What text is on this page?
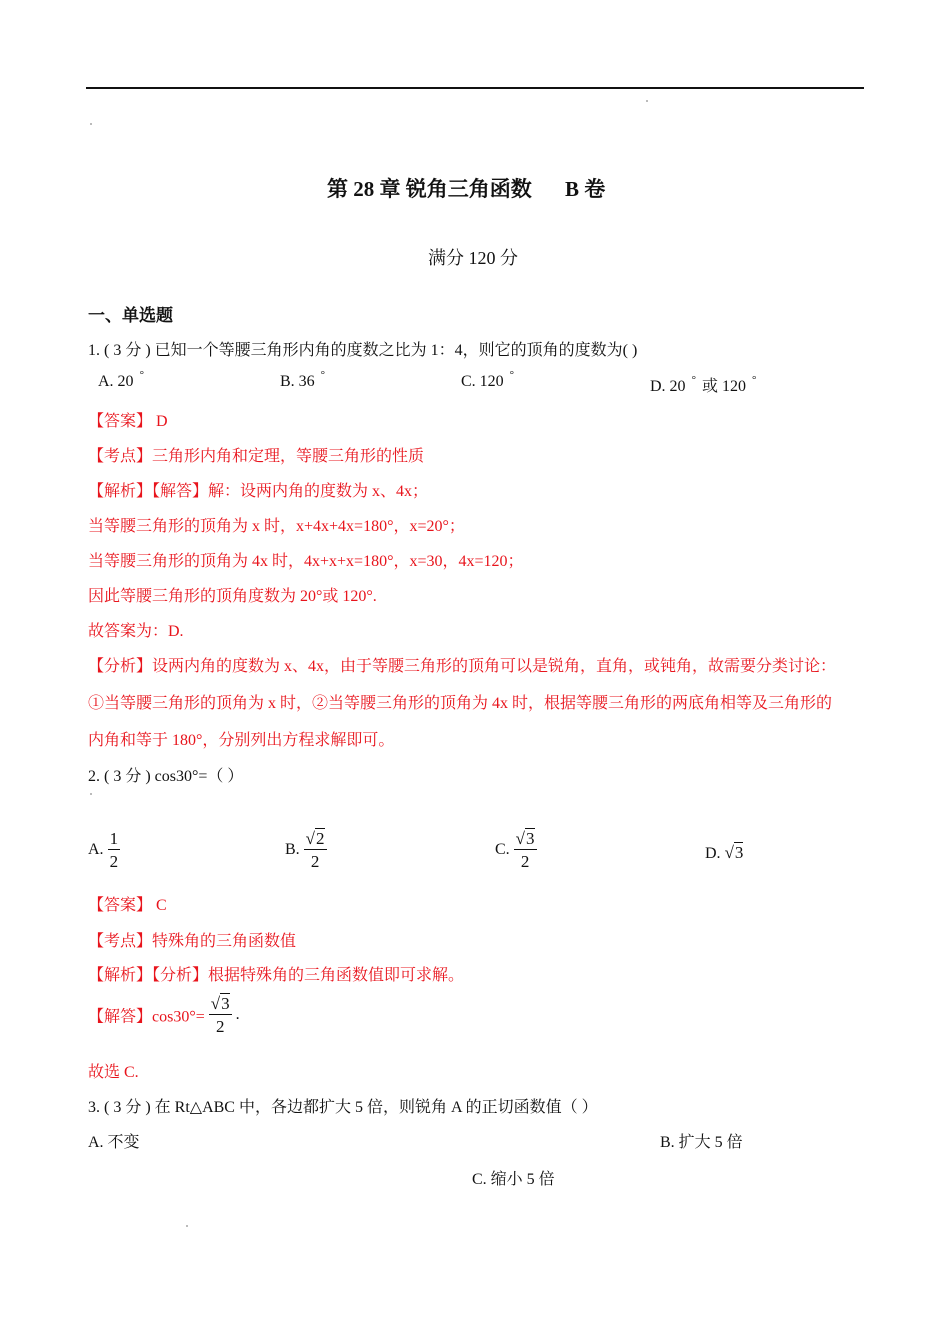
第 28 章 锐角三角函数 B 卷
满分 120 分
一、单选题
1. ( 3 分 ) 已知一个等腰三角形内角的度数之比为 1：4，则它的顶角的度数为( )
A. 20 °	B. 36 °	C. 120 °
D. 20 ° 或 120 °
【答案】 D
【考点】三角形内角和定理，等腰三角形的性质
【解析】【解答】解：设两内角的度数为 x、4x；
当等腰三角形的顶角为 x 时，x+4x+4x=180°，x=20°；
当等腰三角形的顶角为 4x 时，4x+x+x=180°，x=30，4x=120；
因此等腰三角形的顶角度数为 20°或 120°.
故答案为：D.
【分析】设两内角的度数为 x、4x，由于等腰三角形的顶角可以是锐角，直角，或钝角，故需要分类讨论：
①当等腰三角形的顶角为 x 时，②当等腰三角形的顶角为 4x 时，根据等腰三角形的两底角相等及三角形的
内角和等于 180°，分别列出方程求解即可。
2. ( 3 分 ) cos30°=（ ）
A. $\frac{1}{2}$	B. $\frac{√2}{2}$	C. $\frac{√3}{2}$	D. √3
【答案】 C
【考点】特殊角的三角函数值
【解析】【分析】根据特殊角的三角函数值即可求解。
【解答】$\cos 30^\circ= \frac{√3}{2}$ .
故选 C.
3. ( 3 分 ) 在 Rt△ABC 中，各边都扩大 5 倍，则锐角 A 的正切函数值（ ）
A. 不变	B. 扩大 5 倍
C. 缩小 5 倍
